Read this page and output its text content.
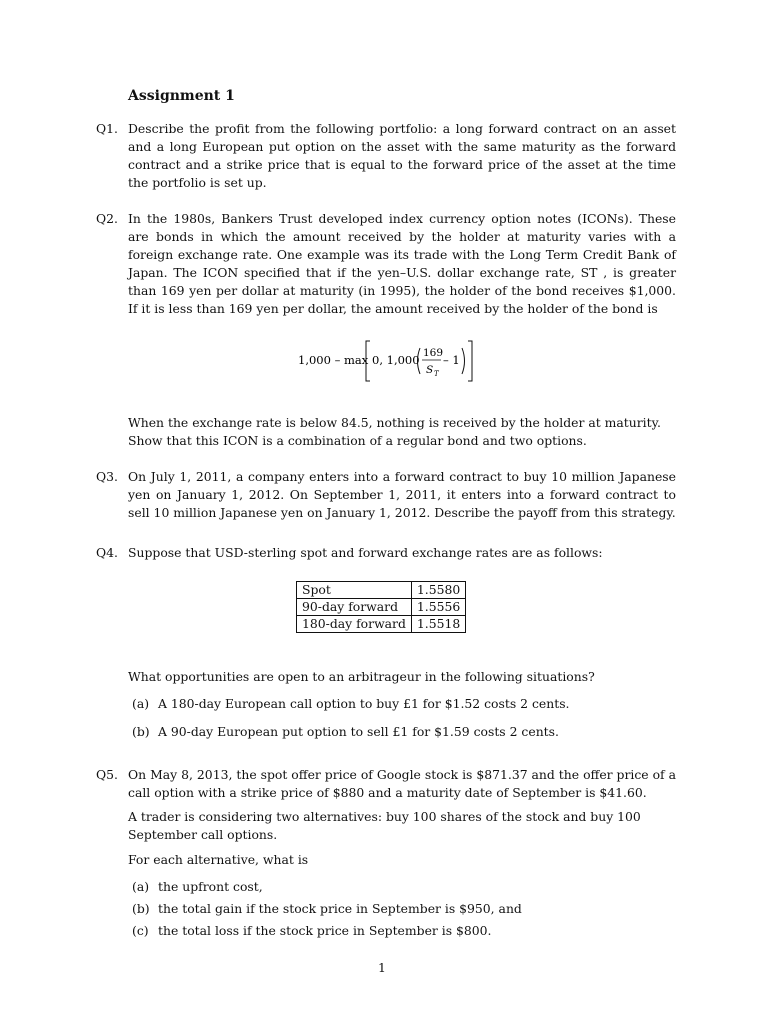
Assignment 1
Q1. Describe the profit from the following portfolio: a long forward contract on an asset and a long European put option on the asset with the same maturity as the forward contract and a strike price that is equal to the forward price of the asset at the time the portfolio is set up.

Q2. In the 1980s, Bankers Trust developed index currency option notes (ICONs). These are bonds in which the amount received by the holder at maturity varies with a foreign exchange rate. One example was its trade with the Long Term Credit Bank of Japan. The ICON specified that if the yen–U.S. dollar exchange rate, ST , is greater than 169 yen per dollar at maturity (in 1995), the holder of the bond receives $1,000. If it is less than 169 yen per dollar, the amount received by the holder of the bond is

1,000 – max 0, 1,000 169
S T
– 1

When the exchange rate is below 84.5, nothing is received by the holder at maturity. Show that this ICON is a combination of a regular bond and two options.

Q3. On July 1, 2011, a company enters into a forward contract to buy 10 million Japanese yen on January 1, 2012. On September 1, 2011, it enters into a forward contract to sell 10 million Japanese yen on January 1, 2012. Describe the payoff from this strategy.

Q4. Suppose that USD-sterling spot and forward exchange rates are as follows:

Spot	1.5580
90-day forward	1.5556
180-day forward	1.5518

What opportunities are open to an arbitrageur in the following situations?

(a) A 180-day European call option to buy £1 for $1.52 costs 2 cents.
(b) A 90-day European put option to sell £1 for $1.59 costs 2 cents.
Q5. On May 8, 2013, the spot offer price of Google stock is $871.37 and the offer price of a call option with a strike price of $880 and a maturity date of September is $41.60.

A trader is considering two alternatives: buy 100 shares of the stock and buy 100 September call options.

For each alternative, what is

(a) the upfront cost,
(b) the total gain if the stock price in September is $950, and
(c) the total loss if the stock price in September is $800.
1
